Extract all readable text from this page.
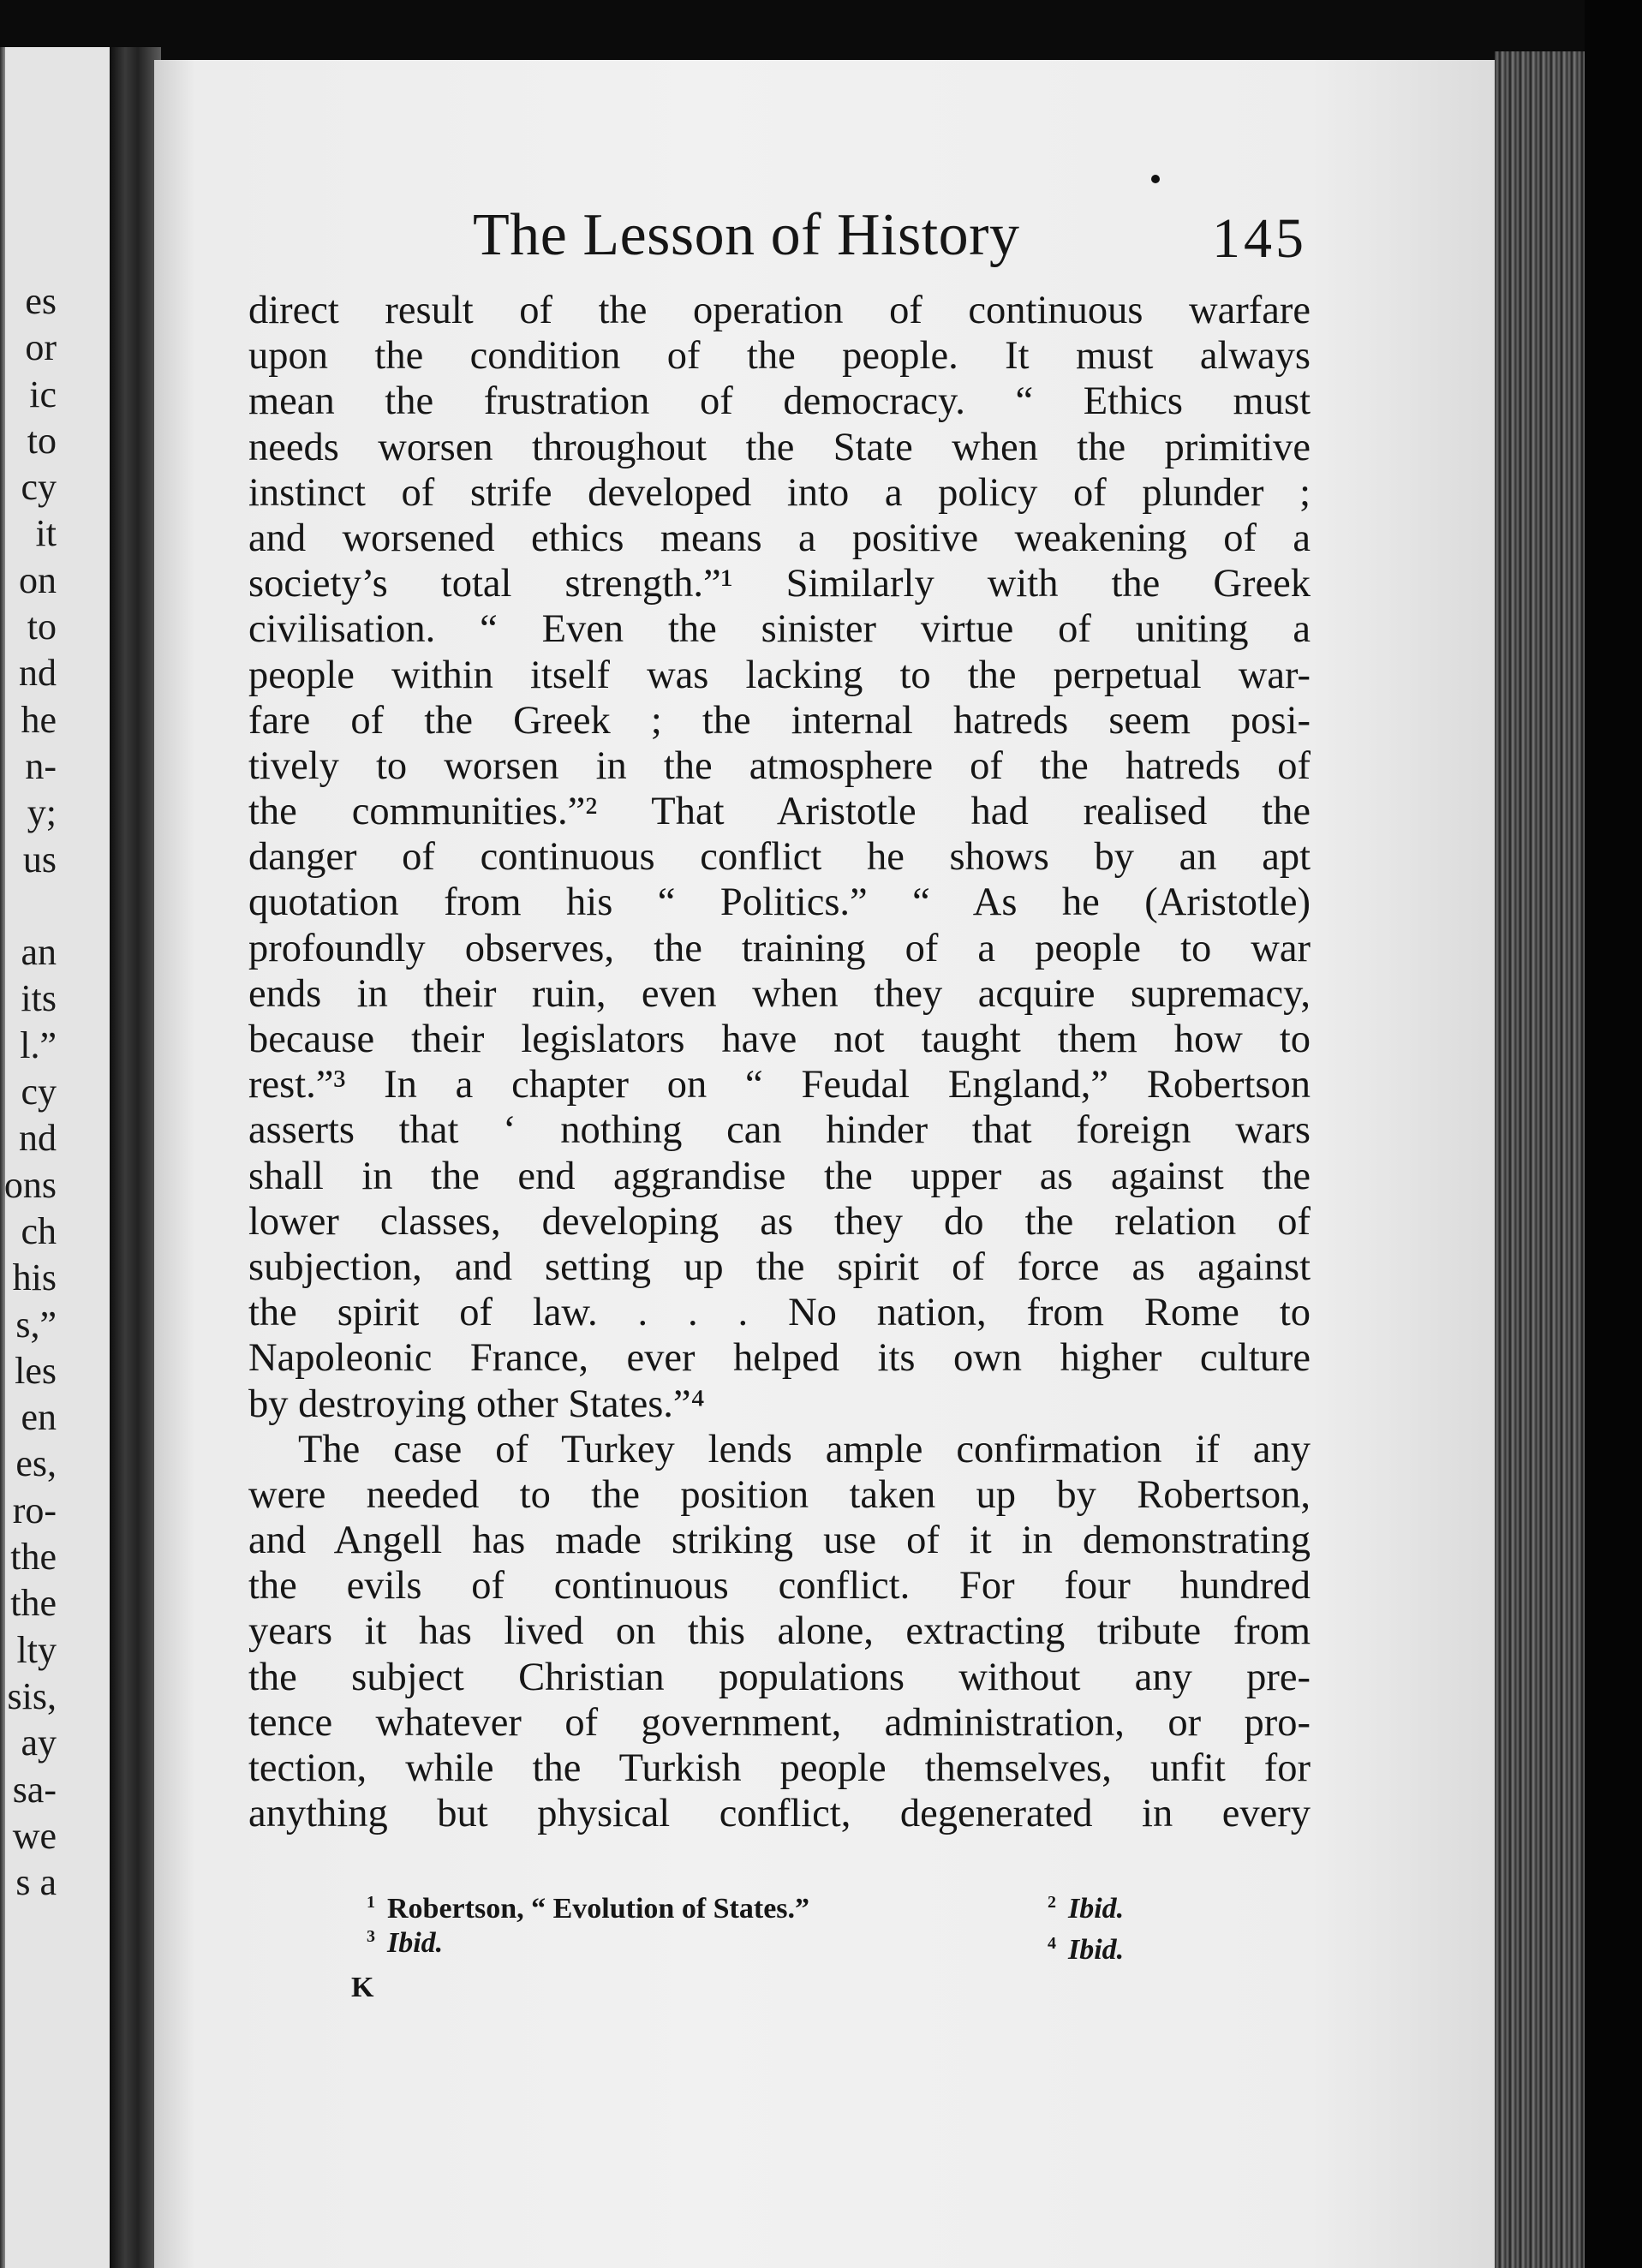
es
or
ic
to
cy
it
on
to
nd
he
n-
y;
us
an
its
l.”
cy
nd
ons
ch
his
s,”
les
en
es,
ro-
the
the
lty
sis,
ay
sa-
we
s a
The Lesson of History	145
direct result of the operation of continuous warfare
upon the condition of the people. It must always
mean the frustration of democracy. “ Ethics must
needs worsen throughout the State when the primitive
instinct of strife developed into a policy of plunder ;
and worsened ethics means a positive weakening of a
society’s total strength.”¹ Similarly with the Greek
civilisation. “ Even the sinister virtue of uniting a
people within itself was lacking to the perpetual war-
fare of the Greek ; the internal hatreds seem posi-
tively to worsen in the atmosphere of the hatreds of
the communities.”² That Aristotle had realised the
danger of continuous conflict he shows by an apt
quotation from his “ Politics.” “ As he (Aristotle)
profoundly observes, the training of a people to war
ends in their ruin, even when they acquire supremacy,
because their legislators have not taught them how to
rest.”³ In a chapter on “ Feudal England,” Robertson
asserts that ‘ nothing can hinder that foreign wars
shall in the end aggrandise the upper as against the
lower classes, developing as they do the relation of
subjection, and setting up the spirit of force as against
the spirit of law. . . . No nation, from Rome to
Napoleonic France, ever helped its own higher culture
by destroying other States.”⁴
The case of Turkey lends ample confirmation if any
were needed to the position taken up by Robertson,
and Angell has made striking use of it in demonstrating
the evils of continuous conflict. For four hundred
years it has lived on this alone, extracting tribute from
the subject Christian populations without any pre-
tence whatever of government, administration, or pro-
tection, while the Turkish people themselves, unfit for
anything but physical conflict, degenerated in every
$^1$ Robertson, “ Evolution of States.”	$^2$ Ibid.
$^3$ Ibid.	$^4$ Ibid.
K
